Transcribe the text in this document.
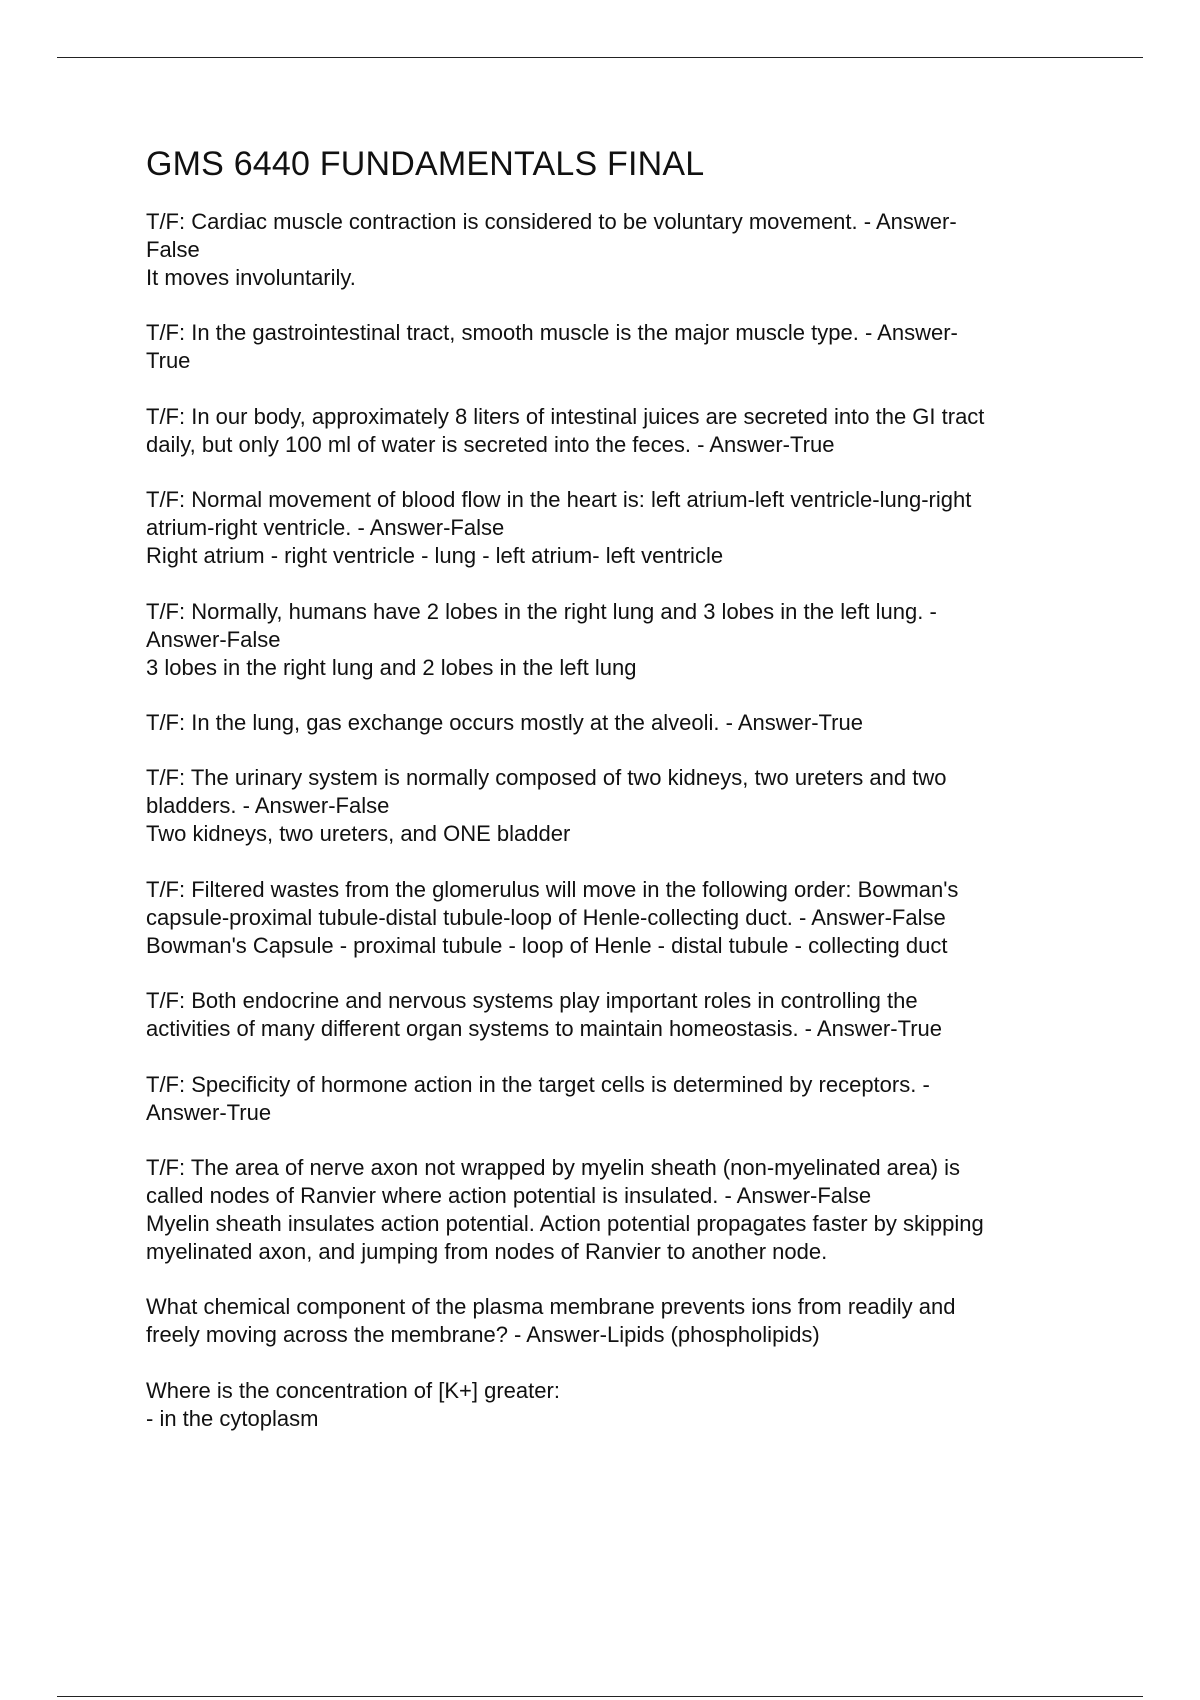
GMS 6440 FUNDAMENTALS FINAL
T/F: Cardiac muscle contraction is considered to be voluntary movement. - Answer-
False
It moves involuntarily.
T/F: In the gastrointestinal tract, smooth muscle is the major muscle type. - Answer-
True
T/F: In our body, approximately 8 liters of intestinal juices are secreted into the GI tract
daily, but only 100 ml of water is secreted into the feces. - Answer-True
T/F: Normal movement of blood flow in the heart is: left atrium-left ventricle-lung-right
atrium-right ventricle. - Answer-False
Right atrium - right ventricle - lung - left atrium- left ventricle
T/F: Normally, humans have 2 lobes in the right lung and 3 lobes in the left lung. -
Answer-False
3 lobes in the right lung and 2 lobes in the left lung
T/F: In the lung, gas exchange occurs mostly at the alveoli. - Answer-True
T/F: The urinary system is normally composed of two kidneys, two ureters and two
bladders. - Answer-False
Two kidneys, two ureters, and ONE bladder
T/F: Filtered wastes from the glomerulus will move in the following order: Bowman's
capsule-proximal tubule-distal tubule-loop of Henle-collecting duct. - Answer-False
Bowman's Capsule - proximal tubule - loop of Henle - distal tubule - collecting duct
T/F: Both endocrine and nervous systems play important roles in controlling the
activities of many different organ systems to maintain homeostasis. - Answer-True
T/F: Specificity of hormone action in the target cells is determined by receptors. -
Answer-True
T/F: The area of nerve axon not wrapped by myelin sheath (non-myelinated area) is
called nodes of Ranvier where action potential is insulated. - Answer-False
Myelin sheath insulates action potential. Action potential propagates faster by skipping
myelinated axon, and jumping from nodes of Ranvier to another node.
What chemical component of the plasma membrane prevents ions from readily and
freely moving across the membrane? - Answer-Lipids (phospholipids)
Where is the concentration of [K+] greater:
- in the cytoplasm
